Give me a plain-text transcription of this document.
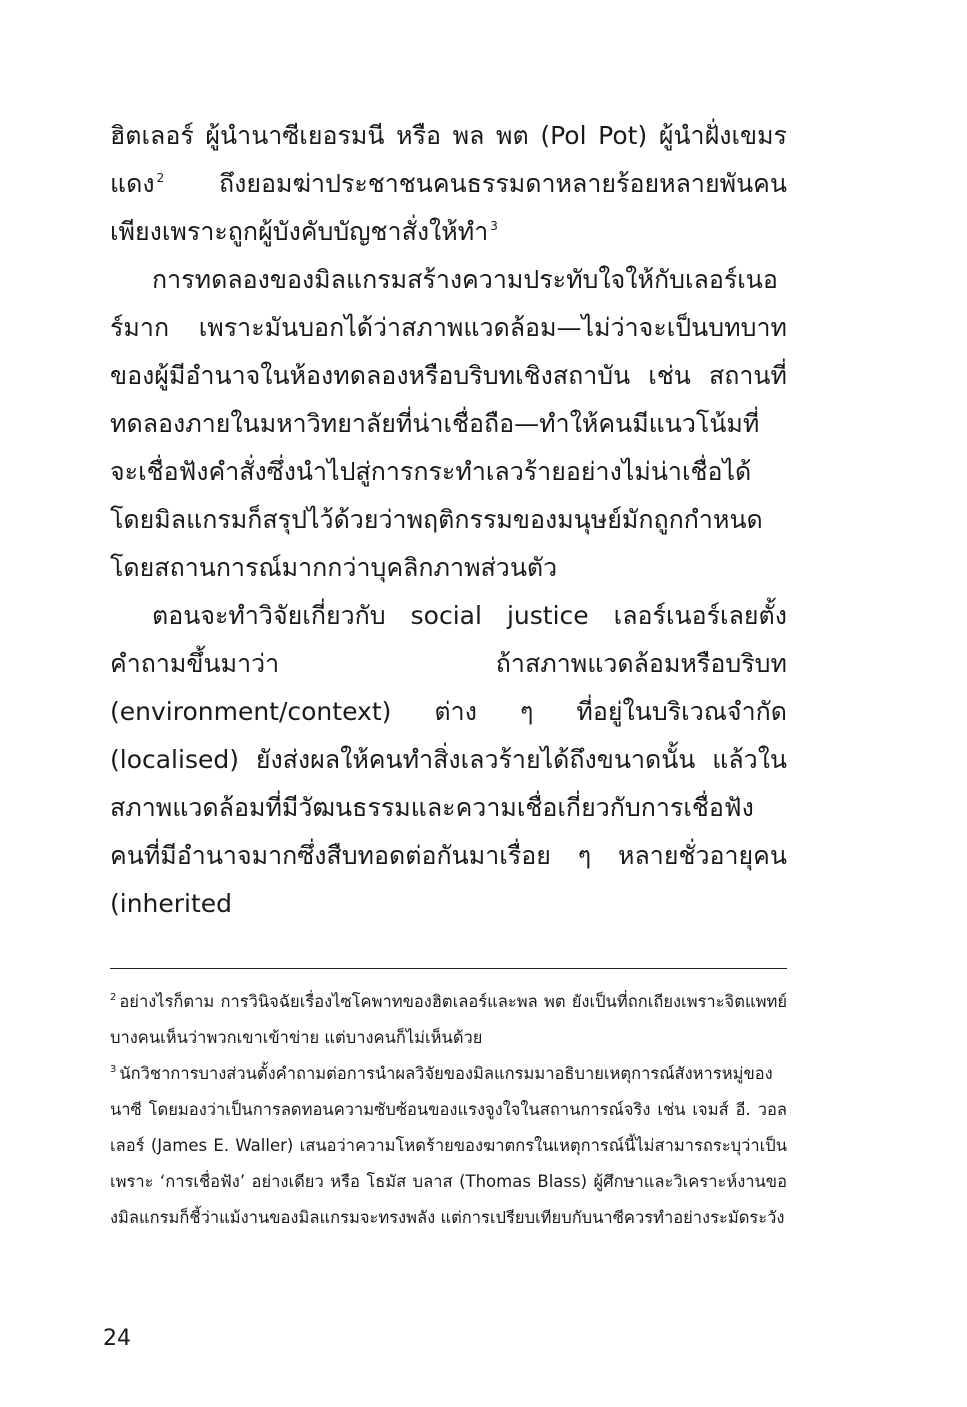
ฮิตเลอร์ ผู้นำนาซีเยอรมนี หรือ พล พต (Pol Pot) ผู้นำฝั่งเขมรแดง $^2$ ถึงยอมฆ่าประชาชนคนธรรมดาหลายร้อยหลายพันคน เพียงเพราะถูกผู้บังคับบัญชาสั่งให้ทำ $^3$

การทดลองของมิลแกรมสร้างความประทับใจให้กับเลอร์เนอร์มาก เพราะมันบอกได้ว่าสภาพแวดล้อม—ไม่ว่าจะเป็นบทบาทของผู้มีอำนาจในห้องทดลองหรือบริบทเชิงสถาบัน เช่น สถานที่ทดลองภายในมหาวิทยาลัยที่น่าเชื่อถือ—ทำให้คนมีแนวโน้มที่จะเชื่อฟังคำสั่งซึ่งนำไปสู่การกระทำเลวร้ายอย่างไม่น่าเชื่อได้ โดยมิลแกรมก็สรุปไว้ด้วยว่าพฤติกรรมของมนุษย์มักถูกกำหนดโดยสถานการณ์มากกว่าบุคลิกภาพส่วนตัว

ตอนจะทำวิจัยเกี่ยวกับ social justice เลอร์เนอร์เลยตั้งคำถามขึ้นมาว่า ถ้าสภาพแวดล้อมหรือบริบท (environment/context) ต่าง ๆ ที่อยู่ในบริเวณจำกัด (localised) ยังส่งผลให้คนทำสิ่งเลวร้ายได้ถึงขนาดนั้น แล้วในสภาพแวดล้อมที่มีวัฒนธรรมและความเชื่อเกี่ยวกับการเชื่อฟังคนที่มีอำนาจมากซึ่งสืบทอดต่อกันมาเรื่อย ๆ หลายชั่วอายุคน (inherited

$^2$ อย่างไรก็ตาม การวินิจฉัยเรื่องไซโคพาทของฮิตเลอร์และพล พต ยังเป็นที่ถกเถียงเพราะจิตแพทย์บางคนเห็นว่าพวกเขาเข้าข่าย แต่บางคนก็ไม่เห็นด้วย

$^3$ นักวิชาการบางส่วนตั้งคำถามต่อการนำผลวิจัยของมิลแกรมมาอธิบายเหตุการณ์สังหารหมู่ของนาซี โดยมองว่าเป็นการลดทอนความซับซ้อนของแรงจูงใจในสถานการณ์จริง เช่น เจมส์ อี. วอลเลอร์ (James E. Waller) เสนอว่าความโหดร้ายของฆาตกรในเหตุการณ์นี้ไม่สามารถระบุว่าเป็นเพราะ ‘การเชื่อฟัง’ อย่างเดียว หรือ โธมัส บลาส (Thomas Blass) ผู้ศึกษาและวิเคราะห์งานของมิลแกรมก็ชี้ว่าแม้งานของมิลแกรมจะทรงพลัง แต่การเปรียบเทียบกับนาซีควรทำอย่างระมัดระวัง

24
